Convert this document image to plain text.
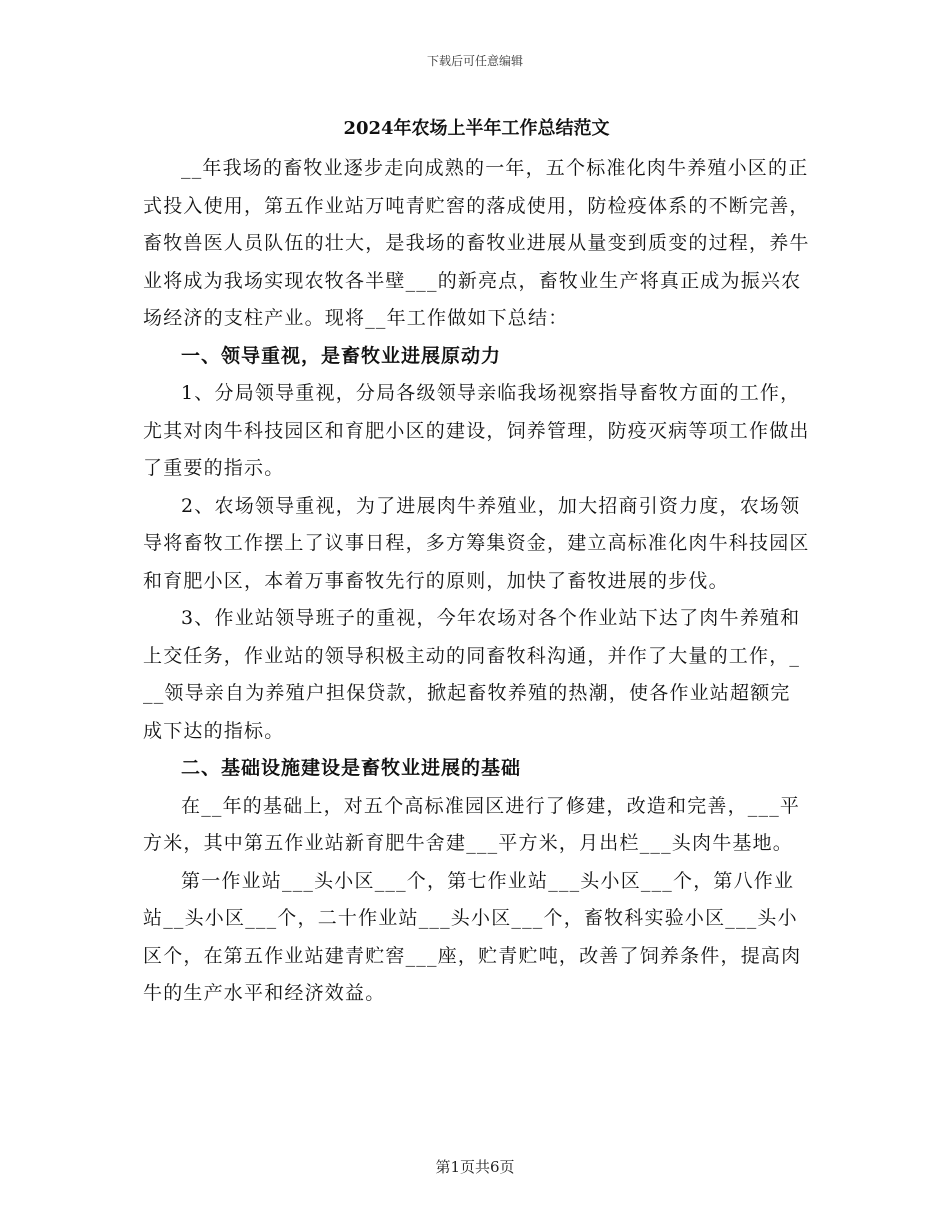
下载后可任意编辑
2024年农场上半年工作总结范文

__年我场的畜牧业逐步走向成熟的一年，五个标准化肉牛养殖小区的正式投入使用，第五作业站万吨青贮窖的落成使用，防检疫体系的不断完善，畜牧兽医人员队伍的壮大，是我场的畜牧业进展从量变到质变的过程，养牛业将成为我场实现农牧各半壁___的新亮点，畜牧业生产将真正成为振兴农场经济的支柱产业。现将__年工作做如下总结：

一、领导重视，是畜牧业进展原动力

1、分局领导重视，分局各级领导亲临我场视察指导畜牧方面的工作，尤其对肉牛科技园区和育肥小区的建设，饲养管理，防疫灭病等项工作做出了重要的指示。

2、农场领导重视，为了进展肉牛养殖业，加大招商引资力度，农场领导将畜牧工作摆上了议事日程，多方筹集资金，建立高标准化肉牛科技园区和育肥小区，本着万事畜牧先行的原则，加快了畜牧进展的步伐。

3、作业站领导班子的重视，今年农场对各个作业站下达了肉牛养殖和上交任务，作业站的领导积极主动的同畜牧科沟通，并作了大量的工作，___领导亲自为养殖户担保贷款，掀起畜牧养殖的热潮，使各作业站超额完成下达的指标。

二、基础设施建设是畜牧业进展的基础

在__年的基础上，对五个高标准园区进行了修建，改造和完善，___平方米，其中第五作业站新育肥牛舍建___平方米，月出栏___头肉牛基地。

第一作业站___头小区___个，第七作业站___头小区___个，第八作业站__头小区___个，二十作业站___头小区___个，畜牧科实验小区___头小区个，在第五作业站建青贮窖___座，贮青贮吨，改善了饲养条件，提高肉牛的生产水平和经济效益。

第1页共6页
